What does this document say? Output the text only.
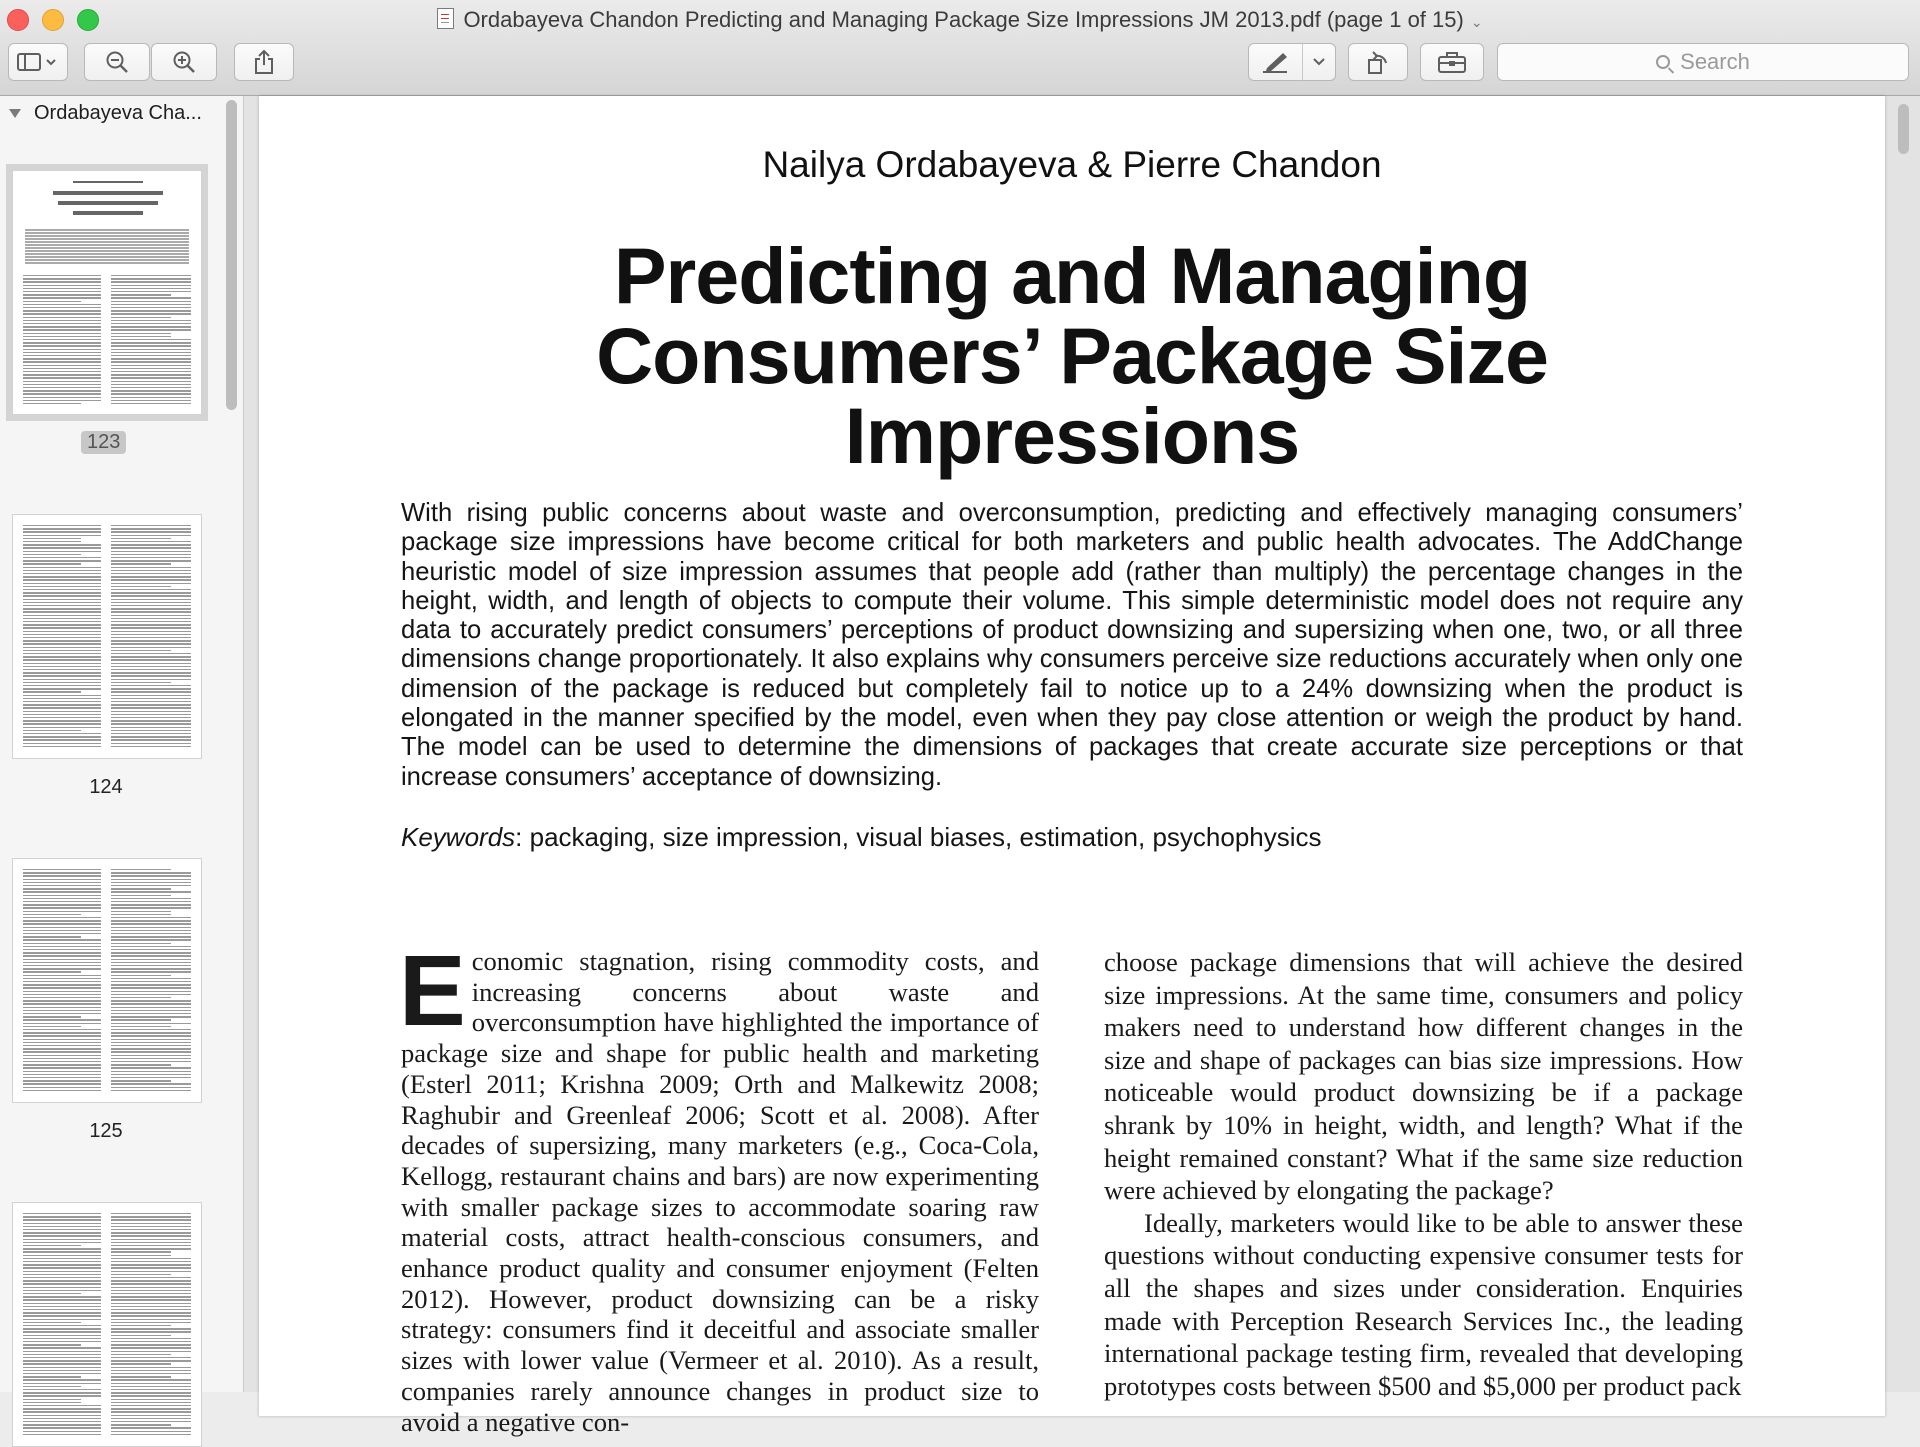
Ordabayeva Chandon Predicting and Managing Package Size Impressions JM 2013.pdf (page 1 of 15) ⌄
Search
Ordabayeva Cha...
123
124
125
Nailya Ordabayeva & Pierre Chandon
Predicting and Managing
Consumers’ Package Size
Impressions
With rising public concerns about waste and overconsumption, predicting and effectively managing consumers’ package size impressions have become critical for both marketers and public health advocates. The AddChange heuristic model of size impression assumes that people add (rather than multiply) the percentage changes in the height, width, and length of objects to compute their volume. This simple deterministic model does not require any data to accurately predict consumers’ perceptions of product downsizing and supersizing when one, two, or all three dimensions change proportionately. It also explains why consumers perceive size reductions accurately when only one dimension of the package is reduced but completely fail to notice up to a 24% downsizing when the product is elongated in the manner specified by the model, even when they pay close attention or weigh the product by hand. The model can be used to determine the dimensions of packages that create accurate size perceptions or that increase consumers’ acceptance of downsizing.
Keywords: packaging, size impression, visual biases, estimation, psychophysics
Economic stagnation, rising commodity costs, and increasing concerns about waste and overconsumption have highlighted the importance of package size and shape for public health and marketing (Esterl 2011; Krishna 2009; Orth and Malkewitz 2008; Raghubir and Greenleaf 2006; Scott et al. 2008). After decades of supersizing, many marketers (e.g., Coca-Cola, Kellogg, restaurant chains and bars) are now experimenting with smaller package sizes to accommodate soaring raw material costs, attract health-conscious consumers, and enhance product quality and consumer enjoyment (Felten 2012). However, product downsizing can be a risky strategy: consumers find it deceitful and associate smaller sizes with lower value (Vermeer et al. 2010). As a result, companies rarely announce changes in product size to avoid a negative con-

choose package dimensions that will achieve the desired size impressions. At the same time, consumers and policy makers need to understand how different changes in the size and shape of packages can bias size impressions. How noticeable would product downsizing be if a package shrank by 10% in height, width, and length? What if the height remained constant? What if the same size reduction were achieved by elongating the package?

Ideally, marketers would like to be able to answer these questions without conducting expensive consumer tests for all the shapes and sizes under consideration. Enquiries made with Perception Research Services Inc., the leading international package testing firm, revealed that developing prototypes costs between $500 and $5,000 per product pack
